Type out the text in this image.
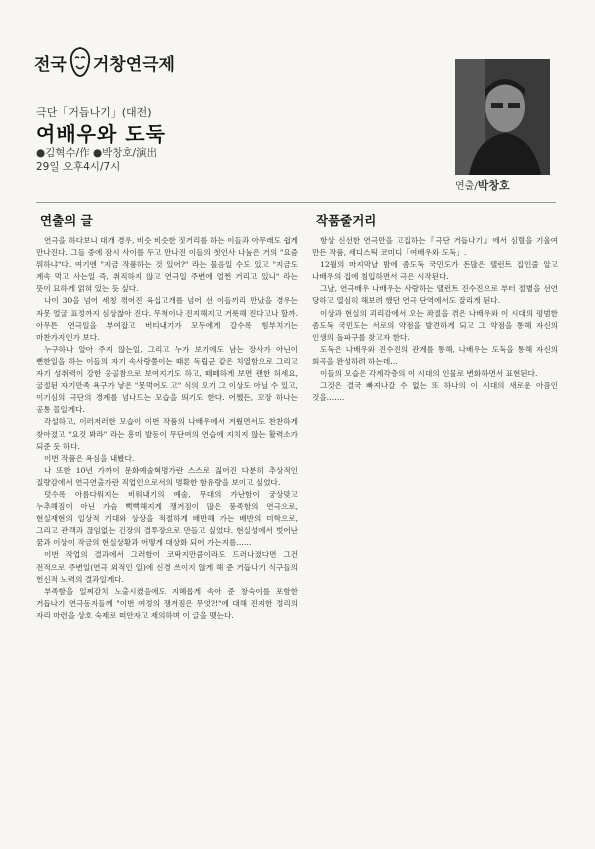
전국 거창연극제
극단「거듭나기」(대전)
여배우와 도둑
●김혁수/作 ●박창호/演出
29일 오후4시/7시
연출/박창호
연출의 글

연극을 하다보니 대개 경우, 비슷 비슷한 짓거리를 하는 이들과 아무래도 쉽게 만나진다. 그들 중에 잠시 사이를 두고 만나진 이들의 첫인사 나눔은 거의 "요즘 뭐하냐"다. 여기엔 "지금 작품하는 것 있어?" 라는 물음일 수도 있고 "지금도 계속 먹고 사는일 즉, 취직하지 않고 연극일 주변에 얼쩐 거리고 있니" 라는 뜻이 묘하게 얽혀 있는 듯 싶다.

나이 30을 넘어 세칭 꺾어진 육십고개를 넘어 선 이들끼리 만났을 경우는 자못 얼굴 표정까지 심상찮아 진다. 무척이나 진지해지고 거룩해 진다고나 할까. 아무튼 연극일을 부여잡고 버티내기가 모두에게 갈수록 힘부치기는 마찬가지인가 보다.

누구하나 알아 주지 않는일, 그리고 누가 보기에도 남는 장사가 아닌이 뻔한일을 하는 이들의 자기 속사랑쯤이는 때론 독립군 같은 치열함으로 그리고 자기 성취력이 강한 옹골참으로 보여지기도 하고, 떼떼하게 보면 괜한 허세요, 굴절된 자기만족 욕구가 낳은 "못먹어도 고" 식의 오기 그 이상도 아닐 수 있고, 이기심의 극단의 경계를 넘나드는 모습을 띄기도 한다. 어쨌든, 꼬장 하나는 공통 꼴일게다.

각설하고, 이러저러한 모습이 이번 작품의 나배우에서 겨뤘면서도 찬찬하게 찾아졌고 "요것 봐라" 라는 흥미 발동이 무단여의 연습에 지치지 않는 활력소가 되준 듯 하다.

이번 작품은 욕심을 내봤다.

나 또한 10년 가까이 문화예술혁명가란 스스로 짊어진 다분히 추상적인 질량감에서 연극연출가란 직업인으로서의 명확한 함유량을 보이고 싶었다.

덧수록 아름다워지는 비워내기의 예술, 무대의 가난함이 궁상맞고 누추해짐이 아닌 가슴 뻑뻑해지게 쟁겨짐이 많은 풍족함의 연극으로, 현실재현의 일상적 기대와 상상을 적절하게 배반해 가는 배반의 미학으로, 그리고 관객과 끊임없는 긴장의 결투장으로 만들고 싶었다. 현실성에서 벗어난 꿈과 이상이 작금의 현실상황과 어떻게 대상화 되어 가는지를……

이번 작업의 결과에서 그러함이 코딱지만큼이라도 드러나졌다면 그건 전적으로 주변일(연극 외적인 일)에 신경 쓰이지 않게 해 준 거듭나기 식구들의 헌신적 노력의 결과일게다.

부족함을 일찌감치 노출시켰음에도 지혜롭게 속아 준 창숙이를 포함한 거듭나기 연극동지들께 "이번 여정의 쟁겨짐은 무엇?!"에 대해 진지한 정리의 자리 마련을 상호 숙제로 떠안자고 제의하며 이 글을 맺는다.

작품줄거리

항상 신선한 연극만을 고집하는『극단 거듭나기』에서 심혈을 기울여 만든 작품, 세디스틱 코미디「여배우와 도둑」.

12월의 마지막날 밤에 좀도둑 국민도가 돈많은 탤런트 집인줄 알고 나배우의 집에 침입하면서 극은 시작된다.

그날, 연극배우 나배우는 사랑하는 탤런트 진수진으로 부터 절별을 선언 당하고 열심히 해보려 했던 연극 단역에서도 잘리게 된다.

이상과 현실의 괴리감에서 오는 좌절을 겪은 나배우와 이 시대의 평범한 좀도둑 국민도는 서로의 약점을 발견하게 되고 그 약점을 통해 자신의 인생의 돌파구를 찾고자 한다.

도둑은 나배우와 진수진의 관계를 통해, 나배우는 도둑을 통해 자신의 회곡을 완성하려 하는데…

이들의 모습은 각계각층의 이 시대의 인물로 변화하면서 표현된다.

그것은 결국 빠져나갈 수 없는 또 하나의 이 시대의 새로운 아픔인 것을…….
